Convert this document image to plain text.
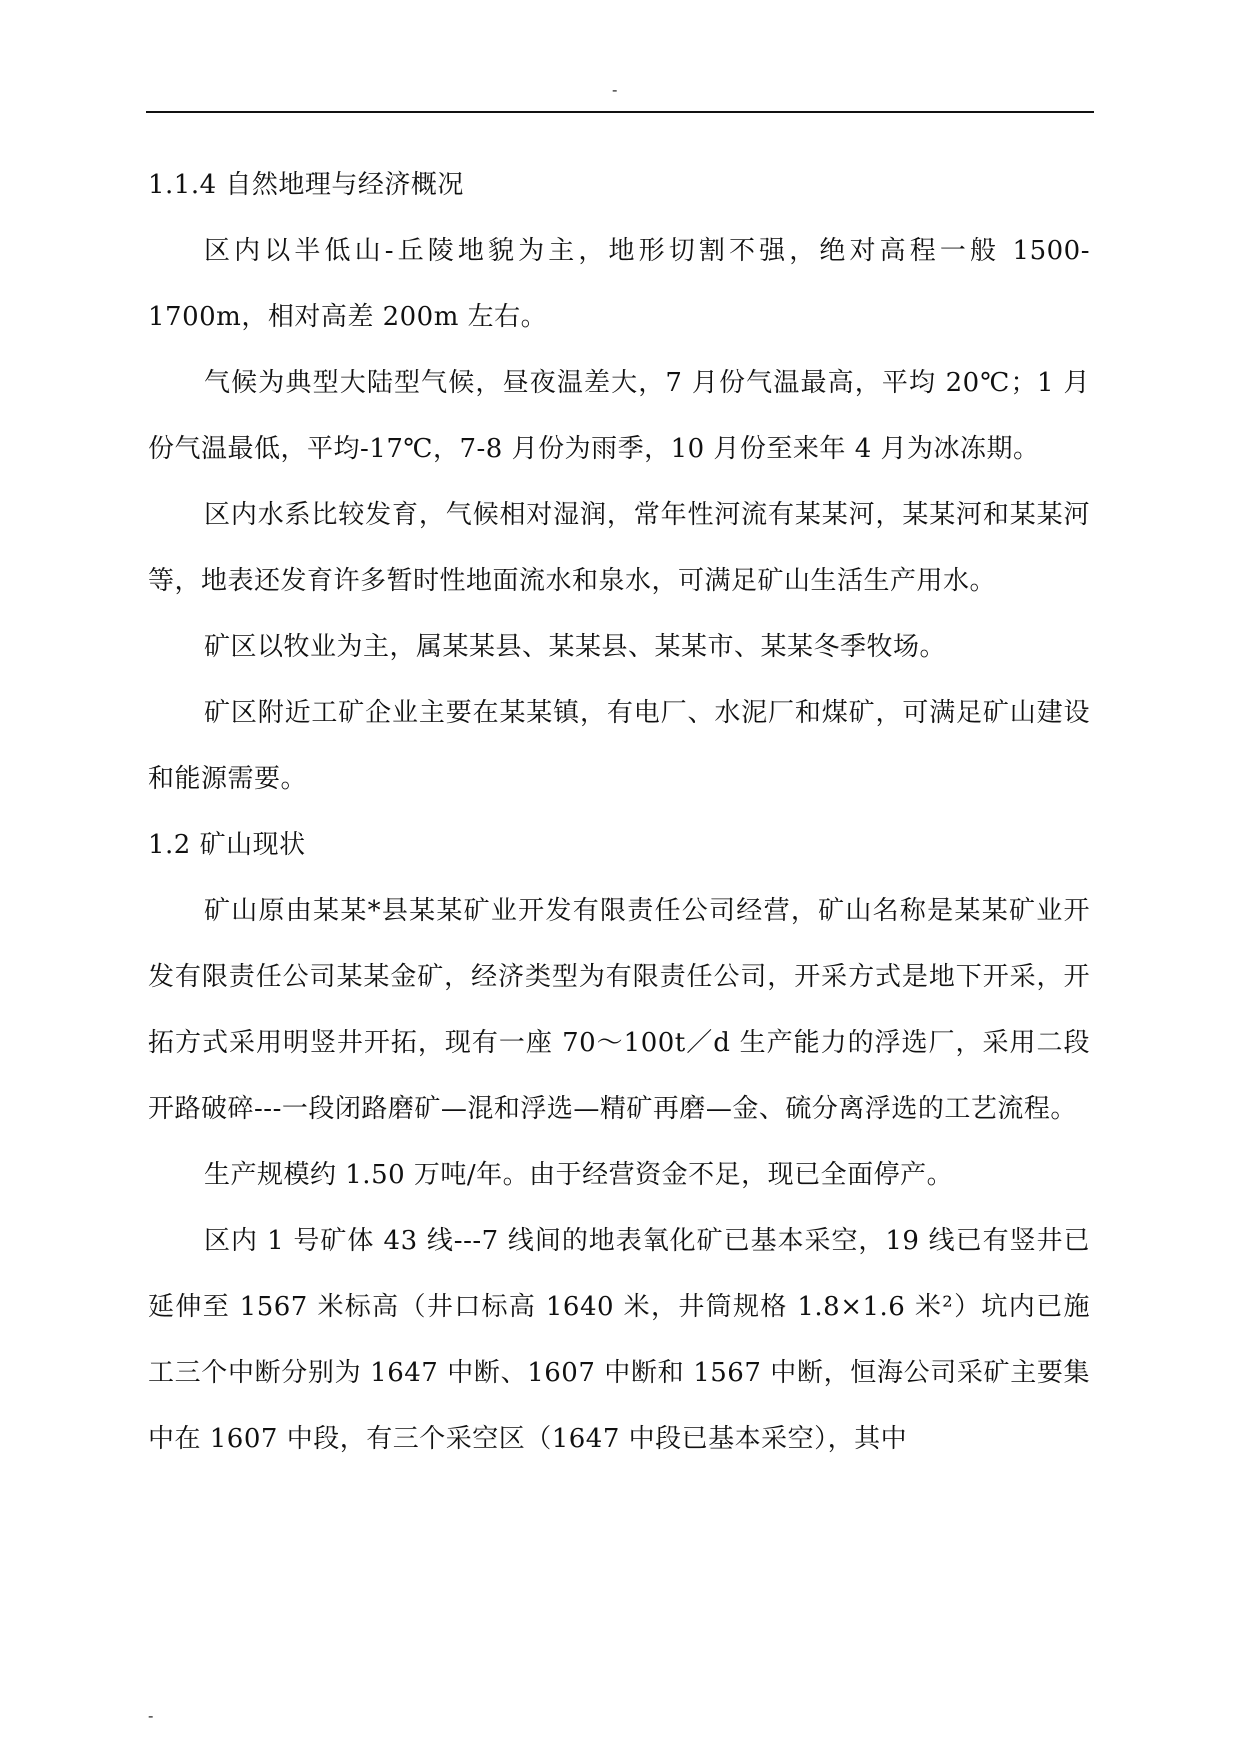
-

1.1.4 自然地理与经济概况

区内以半低山-丘陵地貌为主，地形切割不强，绝对高程一般 1500-1700m，相对高差 200m 左右。

气候为典型大陆型气候，昼夜温差大，7 月份气温最高，平均 20℃；1 月份气温最低，平均-17℃，7-8 月份为雨季，10 月份至来年 4 月为冰冻期。

区内水系比较发育，气候相对湿润，常年性河流有某某河，某某河和某某河等，地表还发育许多暂时性地面流水和泉水，可满足矿山生活生产用水。

矿区以牧业为主，属某某县、某某县、某某市、某某冬季牧场。

矿区附近工矿企业主要在某某镇，有电厂、水泥厂和煤矿，可满足矿山建设和能源需要。

1.2 矿山现状

矿山原由某某*县某某矿业开发有限责任公司经营，矿山名称是某某矿业开发有限责任公司某某金矿，经济类型为有限责任公司，开采方式是地下开采，开拓方式采用明竖井开拓，现有一座 70～100t／d 生产能力的浮选厂，采用二段开路破碎---一段闭路磨矿—混和浮选—精矿再磨—金、硫分离浮选的工艺流程。

生产规模约 1.50 万吨/年。由于经营资金不足，现已全面停产。

区内 1 号矿体 43 线---7 线间的地表氧化矿已基本采空，19 线已有竖井已延伸至 1567 米标高（井口标高 1640 米，井筒规格 1.8×1.6 米²）坑内已施工三个中断分别为 1647 中断、1607 中断和 1567 中断，恒海公司采矿主要集中在 1607 中段，有三个采空区（1647 中段已基本采空），其中

-
